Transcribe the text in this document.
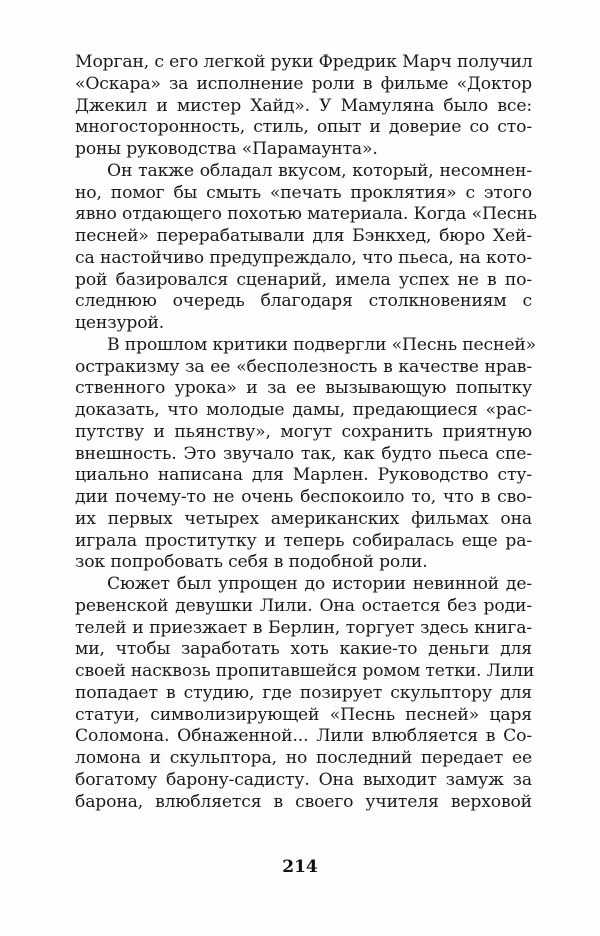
Морган, с его легкой руки Фредрик Марч получил
«Оскара» за исполнение роли в фильме «Доктор
Джекил и мистер Хайд». У Мамуляна было все:
многосторонность, стиль, опыт и доверие со сто-
роны руководства «Парамаунта».
Он также обладал вкусом, который, несомнен-
но, помог бы смыть «печать проклятия» с этого
явно отдающего похотью материала. Когда «Песнь
песней» перерабатывали для Бэнкхед, бюро Хей-
са настойчиво предупреждало, что пьеса, на кото-
рой базировался сценарий, имела успех не в по-
следнюю очередь благодаря столкновениям с
цензурой.
В прошлом критики подвергли «Песнь песней»
остракизму за ее «бесполезность в качестве нрав-
ственного урока» и за ее вызывающую попытку
доказать, что молодые дамы, предающиеся «рас-
путству и пьянству», могут сохранить приятную
внешность. Это звучало так, как будто пьеса спе-
циально написана для Марлен. Руководство сту-
дии почему-то не очень беспокоило то, что в сво-
их первых четырех американских фильмах она
играла проститутку и теперь собиралась еще ра-
зок попробовать себя в подобной роли.
Сюжет был упрощен до истории невинной де-
ревенской девушки Лили. Она остается без роди-
телей и приезжает в Берлин, торгует здесь книга-
ми, чтобы заработать хоть какие-то деньги для
своей насквозь пропитавшейся ромом тетки. Лили
попадает в студию, где позирует скульптору для
статуи, символизирующей «Песнь песней» царя
Соломона. Обнаженной... Лили влюбляется в Со-
ломона и скульптора, но последний передает ее
богатому барону-садисту. Она выходит замуж за
барона, влюбляется в своего учителя верховой
214
